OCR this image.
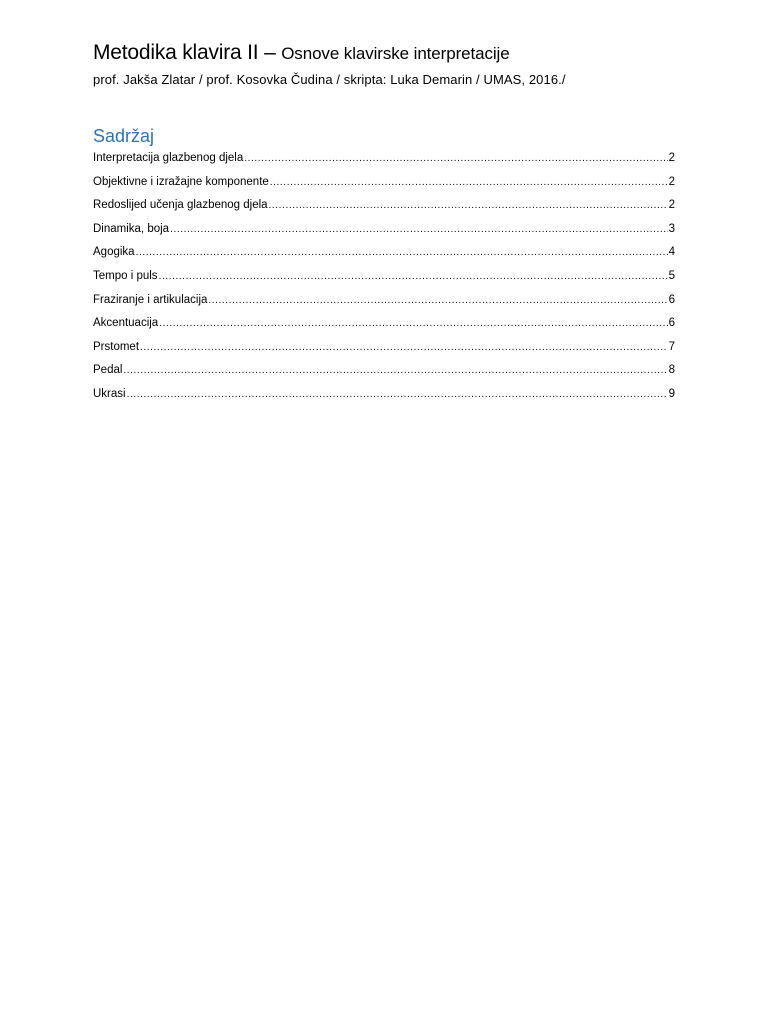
Metodika klavira II – Osnove klavirske interpretacije

prof. Jakša Zlatar / prof. Kosovka Čudina / skripta: Luka Demarin / UMAS, 2016./

Sadržaj
Interpretacija glazbenog djela .....	2
Objektivne i izražajne komponente .....	2
Redoslijed učenja glazbenog djela .....	2
Dinamika, boja .....	3
Agogika .....	4
Tempo i puls .....	5
Fraziranje i artikulacija .....	6
Akcentuacija .....	6
Prstomet .....	7
Pedal .....	8
Ukrasi .....	9
